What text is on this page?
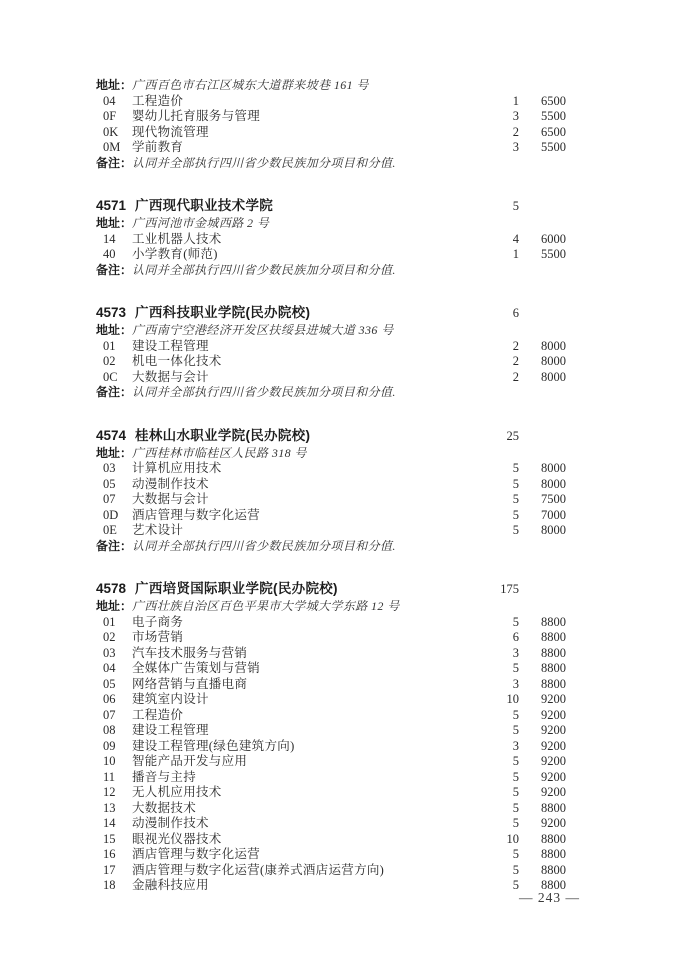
地址：广西百色市右江区城东大道群来坡巷 161 号
04	工程造价	1	6500
0F	婴幼儿托育服务与管理	3	5500
0K	现代物流管理	2	6500
0M 学前教育	3	5500
备注：认同并全部执行四川省少数民族加分项目和分值.
4571 广西现代职业技术学院	5
地址：广西河池市金城西路 2 号
14	工业机器人技术	4	6000
40	小学教育(师范)	1	5500
备注：认同并全部执行四川省少数民族加分项目和分值.
4573 广西科技职业学院(民办院校)	6
地址：广西南宁空港经济开发区扶绥县进城大道 336 号
01	建设工程管理	2	8000
02	机电一体化技术	2	8000
0C	大数据与会计	2	8000
备注：认同并全部执行四川省少数民族加分项目和分值.
4574 桂林山水职业学院(民办院校)	25
地址：广西桂林市临桂区人民路 318 号
03	计算机应用技术	5	8000
05	动漫制作技术	5	8000
07	大数据与会计	5	7500
0D	酒店管理与数字化运营	5	7000
0E	艺术设计	5	8000
备注：认同并全部执行四川省少数民族加分项目和分值.
4578 广西培贤国际职业学院(民办院校)	175
地址：广西壮族自治区百色平果市大学城大学东路 12 号
01	电子商务	5	8800
02	市场营销	6	8800
03	汽车技术服务与营销	3	8800
04	全媒体广告策划与营销	5	8800
05	网络营销与直播电商	3	8800
06	建筑室内设计	10	9200
07	工程造价	5	9200
08	建设工程管理	5	9200
09	建设工程管理(绿色建筑方向)	3	9200
10	智能产品开发与应用	5	9200
11	播音与主持	5	9200
12	无人机应用技术	5	9200
13	大数据技术	5	8800
14	动漫制作技术	5	9200
15	眼视光仪器技术	10	8800
16	酒店管理与数字化运营	5	8800
17	酒店管理与数字化运营(康养式酒店运营方向)	5	8800
18	金融科技应用	5	8800
— 243 —
